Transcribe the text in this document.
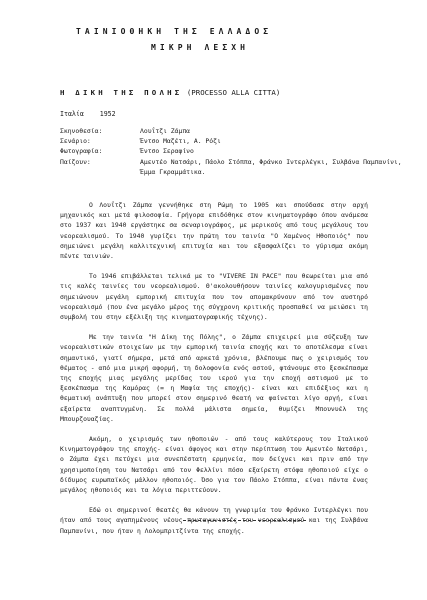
ΤΑΙΝΙΟΘΗΚΗ ΤΗΣ ΕΛΛΑΔΟΣ
ΜΙΚΡΗ ΛΕΣΧΗ
Η ΔΙΚΗ ΤΗΣ ΠΟΛΗΣ (PROCESSO ALLA CITTA)
Ιταλία 1952
Σκηνοθεσία:	Λουΐτζι Ζάμπα
Σενάριο:	Έντσο Μαζέτι, Α. Ρόζι
Φωτογραφία:	Έντσο Σεραφίνο
Παίζουν:	Αμεντέο Νατσάρι, Πάολο Στόππα, Φράνκο Ιντερλέγκι, Συλβάνα Παμπανίνι, Έμμα Γκραμμάτικα.

Ο Λουΐτζι Ζάμπα γεννήθηκε στη Ρώμη το 1905 και σπούδασε στην αρχή μηχανικός και μετά φιλοσοφία. Γρήγορα επιδόθηκε στον κινηματογράφο όπου ανάμεσα στο 1937 και 1940 εργάστηκε σα σεναριογράφος, με μερικούς από τους μεγάλους του νεορεαλισμού. Το 1940 γυρίζει την πρώτη του ταινία "Ο Χαμένος Ηθοποιός" που σημειώνει μεγάλη καλλιτεχνική επιτυχία και του εξασφαλίζει το γύρισμα ακόμη πέντε ταινιών.

Το 1946 επιβάλλεται τελικά με το "VIVERE IN PACE" που θεωρείται μια από τις καλές ταινίες του νεορεαλισμού. Θ'ακολουθήσουν ταινίες καλογυρισμένες που σημειώνουν μεγάλη εμπορική επιτυχία που τον απομακρύνουν από τον αυστηρό νεορεαλισμό (που ένα μεγάλο μέρος της σύγχρονη κριτικής προσπαθεί να μειώσει τη συμβολή του στην εξέλιξη της κινηματογραφικής τέχνης).

Με την ταινία "Η Δίκη της Πόλης", ο Ζάμπα επιχειρεί μια σύζευξη των νεορεαλιστικών στοιχείων με την εμπορική ταινία εποχής και το αποτέλεσμα είναι σημαντικό, γιατί σήμερα, μετά από αρκετά χρόνια, βλέπουμε πως ο χειρισμός του θέματος - από μια μικρή αφορμή, τη δολοφονία ενός αστού, φτάνουμε στο ξεσκέπασμα της εποχής μιας μεγάλης μερίδας του ιερού για την εποχή αστισμού με το ξεσκέπασμα της Καμόρας (= η Μαφία της εποχής)- είναι και επιδέξιος και η θεματική ανάπτυξη που μπορεί στον σημερινό θεατή να φαίνεται λίγο αργή, είναι εξαίρετα αναπτυγμένη. Σε πολλά μάλιστα σημεία, θυμίζει Μπουνυέλ της Μπουρζουαζίας.

Ακόμη, ο χειρισμός των ηθοποιών - από τους καλύτερους του Ιταλικού Κινηματογράφου της εποχής- είναι άψογος και στην περίπτωση του Αμεντέο Νατσάρι, ο Ζάμπα έχει πετύχει μια συνεπέστατη ερμηνεία, που δείχνει και πριν από την χρησιμοποίηση του Νατσάρι από τον Φελλίνι πόσο εξαίρετη στόφα ηθοποιού είχε ο δίδυμος ευρωπαϊκός μάλλον ηθοποιός. Όσο για τον Πάολο Στόππα, είναι πάντα ένας μεγάλος ηθοποιός και τα λόγια περιττεύουν.

Εδώ οι σημερινοί θεατές θα κάνουν τη γνωριμία του Φράνκο Ιντερλέγκι που ήταν από τους αγαπημένους νέους πρωταγωνιστές του νεορεαλισμού και της Συλβάνα Παμπανίνι, που ήταν η Λολομπριτζίντα της εποχής.
